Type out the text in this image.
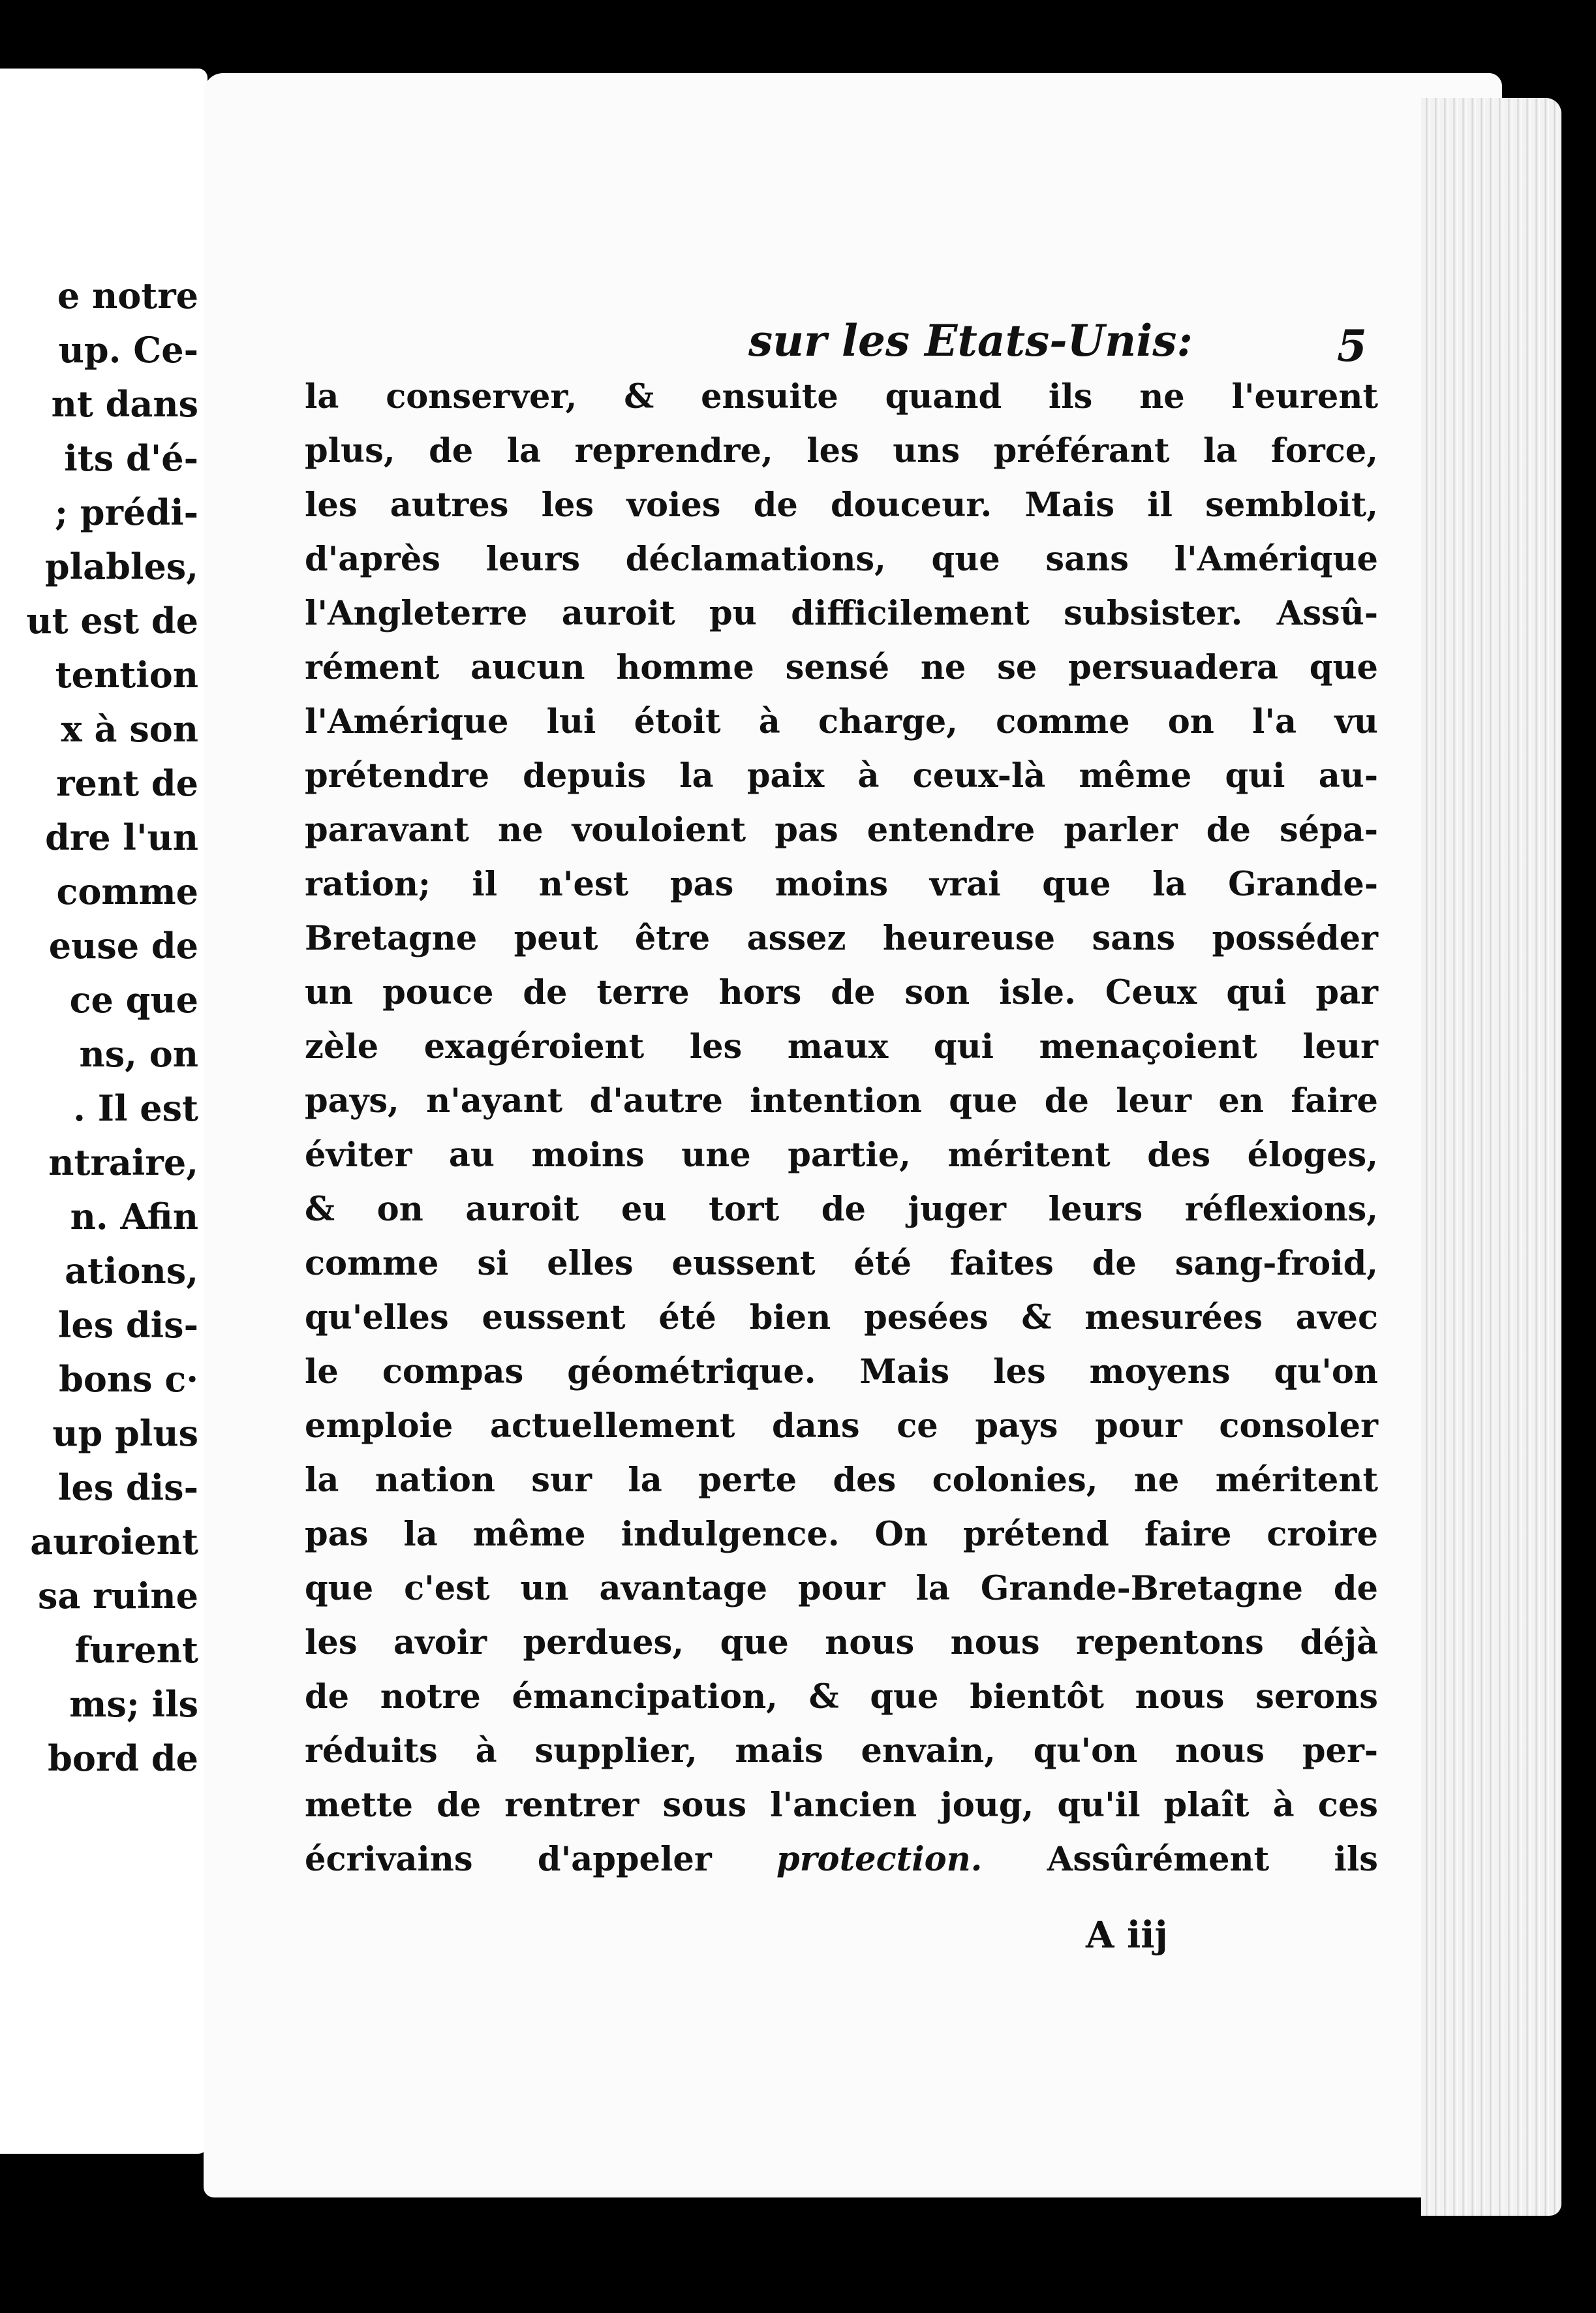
e notre
up. Ce-
nt dans
its d'é-
; prédi-
plables,
ut est de
tention
x à son
rent de
dre l'un
comme
euse de
ce que
ns, on
. Il est
ntraire,
n. Afin
ations,
les dis-
bons c·
up plus
les dis-
auroient
sa ruine
furent
ms; ils
bord de
sur les Etats-Unis:	5
la conserver, & ensuite quand ils ne l'eurent
plus, de la reprendre, les uns préférant la force,
les autres les voies de douceur. Mais il sembloit,
d'après leurs déclamations, que sans l'Amérique
l'Angleterre auroit pu difficilement subsister. Assû-
rément aucun homme sensé ne se persuadera que
l'Amérique lui étoit à charge, comme on l'a vu
prétendre depuis la paix à ceux-là même qui au-
paravant ne vouloient pas entendre parler de sépa-
ration; il n'est pas moins vrai que la Grande-
Bretagne peut être assez heureuse sans posséder
un pouce de terre hors de son isle. Ceux qui par
zèle exagéroient les maux qui menaçoient leur
pays, n'ayant d'autre intention que de leur en faire
éviter au moins une partie, méritent des éloges,
& on auroit eu tort de juger leurs réflexions,
comme si elles eussent été faites de sang-froid,
qu'elles eussent été bien pesées & mesurées avec
le compas géométrique. Mais les moyens qu'on
emploie actuellement dans ce pays pour consoler
la nation sur la perte des colonies, ne méritent
pas la même indulgence. On prétend faire croire
que c'est un avantage pour la Grande-Bretagne de
les avoir perdues, que nous nous repentons déjà
de notre émancipation, & que bientôt nous serons
réduits à supplier, mais envain, qu'on nous per-
mette de rentrer sous l'ancien joug, qu'il plaît à ces
écrivains d'appeler protection. Assûrément ils
A iij
